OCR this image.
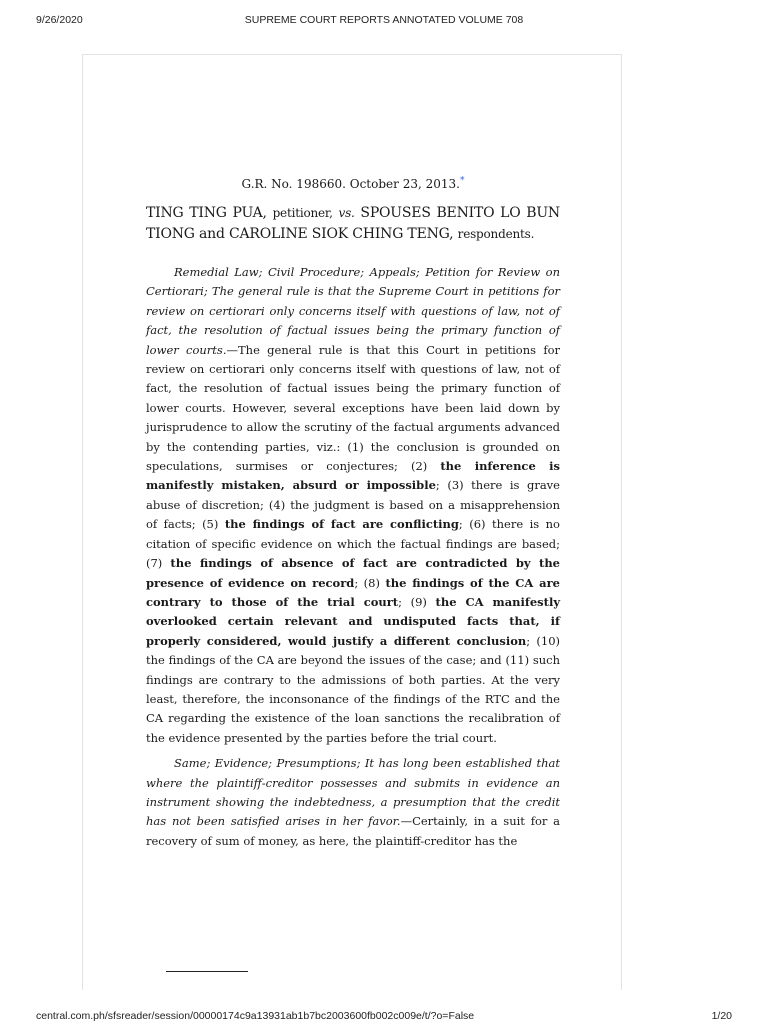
9/26/2020	SUPREME COURT REPORTS ANNOTATED VOLUME 708

G.R. No. 198660. October 23, 2013.*

TING TING PUA, petitioner, vs. SPOUSES BENITO LO BUN TIONG and CAROLINE SIOK CHING TENG, respondents.

Remedial Law; Civil Procedure; Appeals; Petition for Review on Certiorari; The general rule is that the Supreme Court in petitions for review on certiorari only concerns itself with questions of law, not of fact, the resolution of factual issues being the primary function of lower courts.—The general rule is that this Court in petitions for review on certiorari only concerns itself with questions of law, not of fact, the resolution of factual issues being the primary function of lower courts. However, several exceptions have been laid down by jurisprudence to allow the scrutiny of the factual arguments advanced by the contending parties, viz.: (1) the conclusion is grounded on speculations, surmises or conjectures; (2) the inference is manifestly mistaken, absurd or impossible; (3) there is grave abuse of discretion; (4) the judgment is based on a misapprehension of facts; (5) the findings of fact are conflicting; (6) there is no citation of specific evidence on which the factual findings are based; (7) the findings of absence of fact are contradicted by the presence of evidence on record; (8) the findings of the CA are contrary to those of the trial court; (9) the CA manifestly overlooked certain relevant and undisputed facts that, if properly considered, would justify a different conclusion; (10) the findings of the CA are beyond the issues of the case; and (11) such findings are contrary to the admissions of both parties. At the very least, therefore, the inconsonance of the findings of the RTC and the CA regarding the existence of the loan sanctions the recalibration of the evidence presented by the parties before the trial court.

Same; Evidence; Presumptions; It has long been established that where the plaintiff-creditor possesses and submits in evidence an instrument showing the indebtedness, a presumption that the credit has not been satisfied arises in her favor.—Certainly, in a suit for a recovery of sum of money, as here, the plaintiff-creditor has the

central.com.ph/sfsreader/session/00000174c9a13931ab1b7bc2003600fb002c009e/t/?o=False	1/20
